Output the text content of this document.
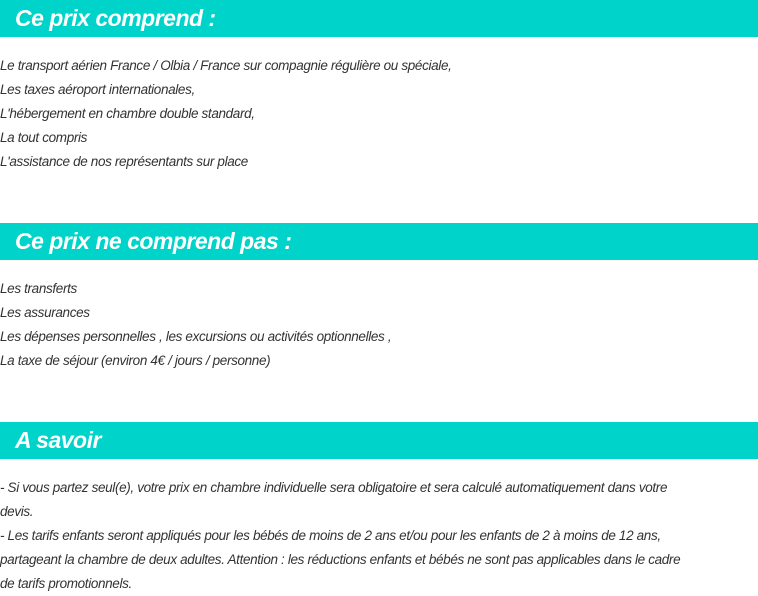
Ce prix comprend :
Le transport aérien France / Olbia / France sur compagnie régulière ou spéciale,
Les taxes aéroport internationales,
L'hébergement en chambre double standard,
La tout compris
L'assistance de nos représentants sur place
Ce prix ne comprend pas :
Les transferts
Les assurances
Les dépenses personnelles , les excursions ou activités optionnelles ,
La taxe de séjour (environ 4€ / jours / personne)
A savoir
- Si vous partez seul(e), votre prix en chambre individuelle sera obligatoire et sera calculé automatiquement dans votre
devis.
- Les tarifs enfants seront appliqués pour les bébés de moins de 2 ans et/ou pour les enfants de 2 à moins de 12 ans,
partageant la chambre de deux adultes. Attention : les réductions enfants et bébés ne sont pas applicables dans le cadre
de tarifs promotionnels.
